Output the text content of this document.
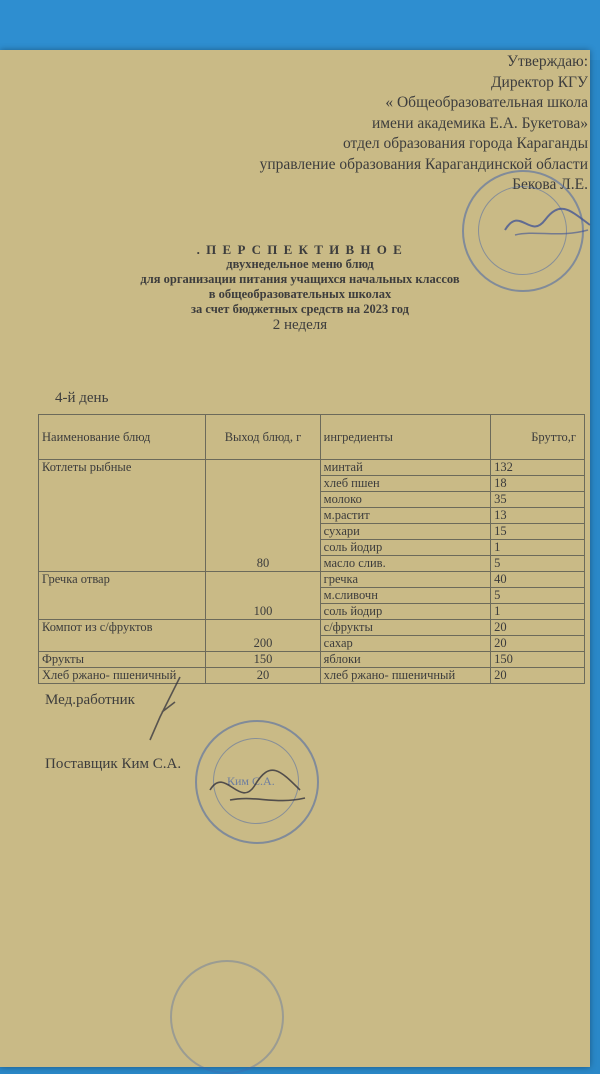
Утверждаю:
Директор КГУ
« Общеобразовательная школа
имени академика Е.А. Букетова»
отдел образования города Караганды
управление образования Карагандинской области
Бекова Л.Е.
. П Е Р С П Е К Т И В Н О Е
двухнедельное меню блюд
для организации питания учащихся начальных классов
в общеобразовательных школах
за счет бюджетных средств на 2023 год
2 неделя
4-й день
Наименование блюд	Выход блюд, г	ингредиенты	Брутто,г
Котлеты рыбные	80	минтай	132
		хлеб пшен	18
		молоко	35
		м.растит	13
		сухари	15
		соль йодир	1
		масло слив.	5
Гречка отвар	100	гречка	40
		м.сливочн	5
		соль йодир	1
Компот из с/фруктов	200	с/фрукты	20
		сахар	20
Фрукты	150	яблоки	150
Хлеб ржано- пшеничный	20	хлеб ржано- пшеничный	20
Мед.работник
Поставщик Ким С.А.
Ким С.А.
